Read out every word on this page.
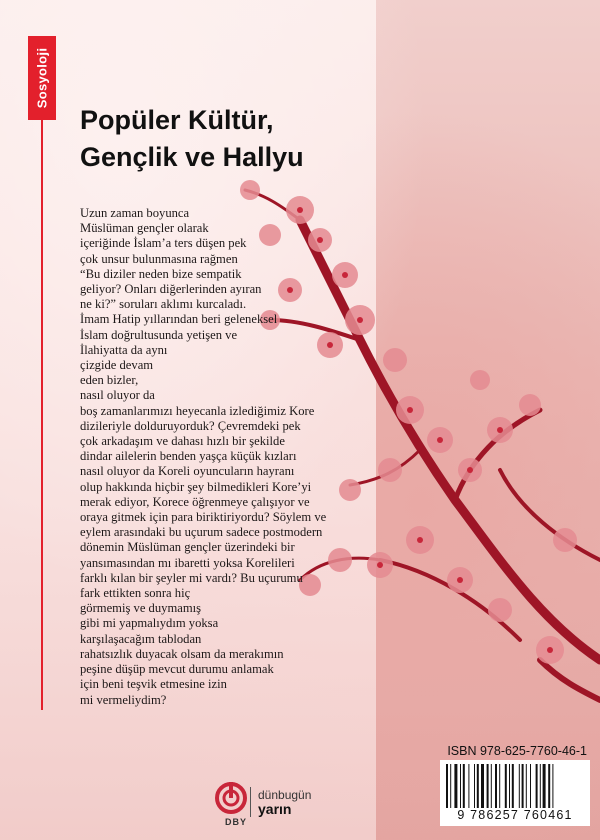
Sosyoloji
Popüler Kültür,
Gençlik ve Hallyu
Uzun zaman boyunca
Müslüman gençler olarak
içeriğinde İslam’a ters düşen pek
çok unsur bulunmasına rağmen
“Bu diziler neden bize sempatik
geliyor? Onları diğerlerinden ayıran
ne ki?” soruları aklımı kurcaladı.
İmam Hatip yıllarından beri geleneksel
İslam doğrultusunda yetişen ve
İlahiyatta da aynı
çizgide devam
eden bizler,
nasıl oluyor da
boş zamanlarımızı heyecanla izlediğimiz Kore
dizileriyle dolduruyorduk? Çevremdeki pek
çok arkadaşım ve dahası hızlı bir şekilde
dindar ailelerin benden yaşça küçük kızları
nasıl oluyor da Koreli oyuncuların hayranı
olup hakkında hiçbir şey bilmedikleri Kore’yi
merak ediyor, Korece öğrenmeye çalışıyor ve
oraya gitmek için para biriktiriyordu? Söylem ve
eylem arasındaki bu uçurum sadece postmodern
dönemin Müslüman gençler üzerindeki bir
yansımasından mı ibaretti yoksa Korelileri
farklı kılan bir şeyler mi vardı? Bu uçurumu
fark ettikten sonra hiç
görmemiş ve duymamış
gibi mi yapmalıydım yoksa
karşılaşacağım tablodan
rahatsızlık duyacak olsam da merakımın
peşine düşüp mevcut durumu anlamak
için beni teşvik etmesine izin
mi vermeliydim?
ISBN 978-625-7760-46-1
9 786257 760461
DBY
dünbugün
yarın
